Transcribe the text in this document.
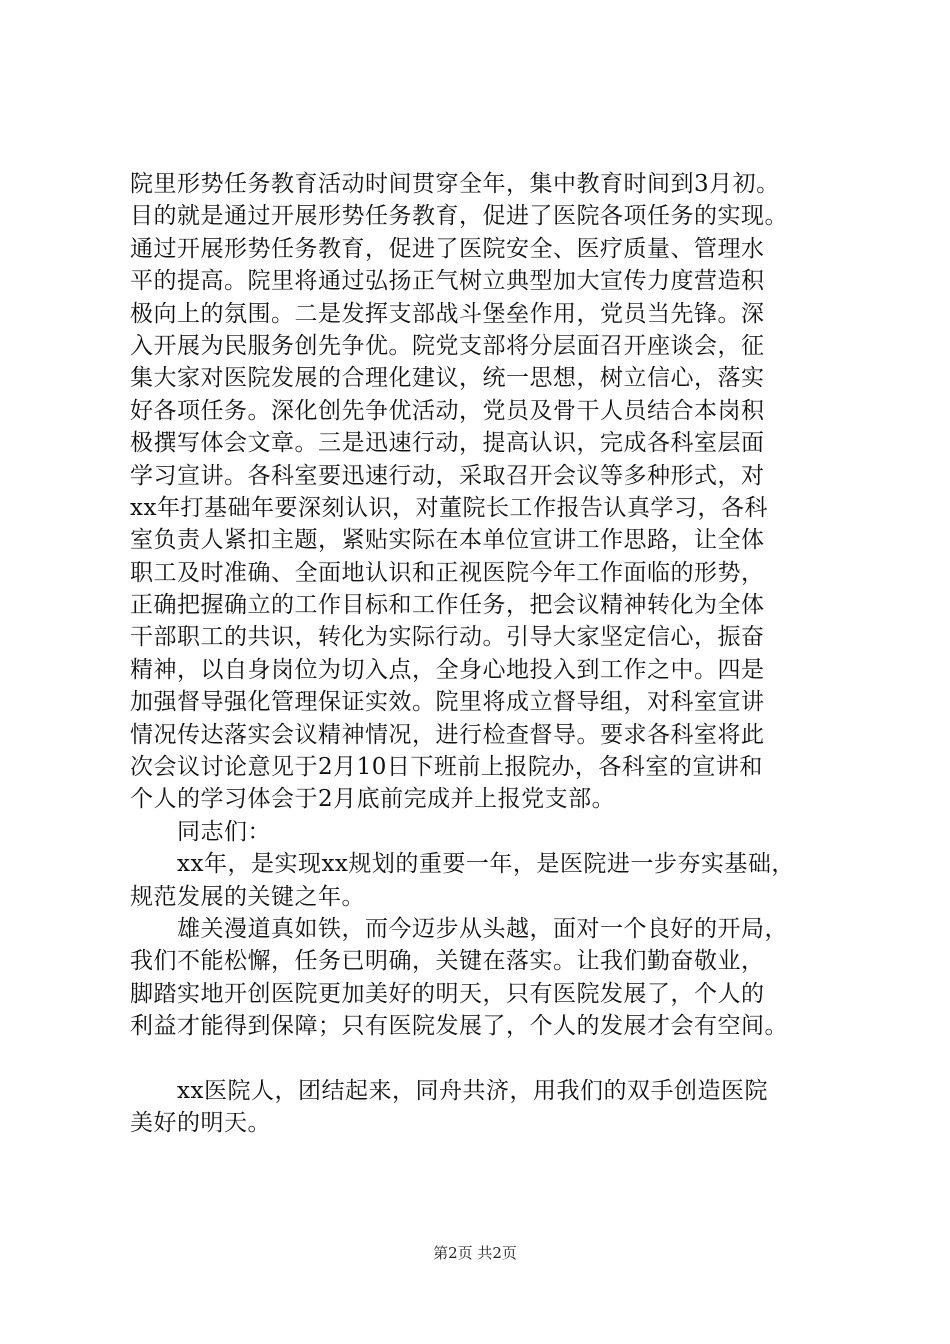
院里形势任务教育活动时间贯穿全年，集中教育时间到3月初。
目的就是通过开展形势任务教育，促进了医院各项任务的实现。
通过开展形势任务教育，促进了医院安全、医疗质量、管理水
平的提高。院里将通过弘扬正气树立典型加大宣传力度营造积
极向上的氛围。二是发挥支部战斗堡垒作用，党员当先锋。深
入开展为民服务创先争优。院党支部将分层面召开座谈会，征
集大家对医院发展的合理化建议，统一思想，树立信心，落实
好各项任务。深化创先争优活动，党员及骨干人员结合本岗积
极撰写体会文章。三是迅速行动，提高认识，完成各科室层面
学习宣讲。各科室要迅速行动，采取召开会议等多种形式，对
xx年打基础年要深刻认识，对董院长工作报告认真学习，各科
室负责人紧扣主题，紧贴实际在本单位宣讲工作思路，让全体
职工及时准确、全面地认识和正视医院今年工作面临的形势，
正确把握确立的工作目标和工作任务，把会议精神转化为全体
干部职工的共识，转化为实际行动。引导大家坚定信心，振奋
精神，以自身岗位为切入点，全身心地投入到工作之中。四是
加强督导强化管理保证实效。院里将成立督导组，对科室宣讲
情况传达落实会议精神情况，进行检查督导。要求各科室将此
次会议讨论意见于2月10日下班前上报院办，各科室的宣讲和
个人的学习体会于2月底前完成并上报党支部。
　　同志们：
　　xx年，是实现xx规划的重要一年，是医院进一步夯实基础，
规范发展的关键之年。
　　雄关漫道真如铁，而今迈步从头越，面对一个良好的开局，
我们不能松懈，任务已明确，关键在落实。让我们勤奋敬业，
脚踏实地开创医院更加美好的明天，只有医院发展了，个人的
利益才能得到保障；只有医院发展了，个人的发展才会有空间。
　　xx医院人，团结起来，同舟共济，用我们的双手创造医院
美好的明天。
第2页 共2页
